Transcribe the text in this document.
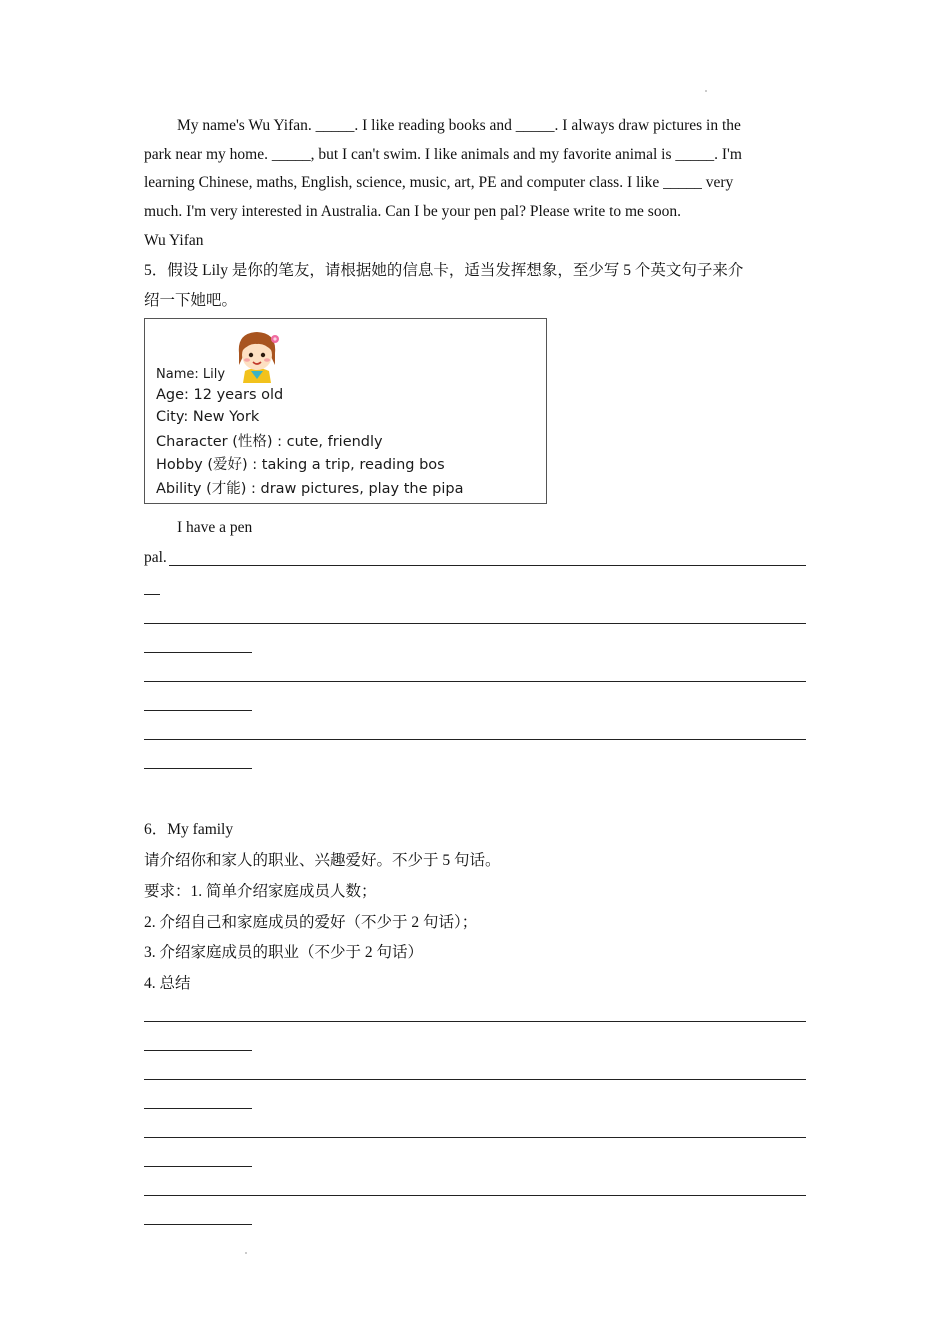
My name's Wu Yifan. _____. I like reading books and _____. I always draw pictures in the
park near my home. _____, but I can't swim. I like animals and my favorite animal is _____. I'm
learning Chinese, maths, English, science, music, art, PE and computer class. I like _____ very
much. I'm very interested in Australia. Can I be your pen pal? Please write to me soon.
Wu Yifan
5．假设 Lily 是你的笔友，请根据她的信息卡，适当发挥想象，至少写 5 个英文句子来介
绍一下她吧。
Name: Lily
Age: 12 years old
City: New York
Character (性格) : cute, friendly
Hobby (爱好) : taking a trip, reading bos
Ability (才能) : draw pictures, play the pipa
I have a pen
pal.
6．My family
请介绍你和家人的职业、兴趣爱好。不少于 5 句话。
要求：1. 简单介绍家庭成员人数；
2. 介绍自己和家庭成员的爱好（不少于 2 句话）；
3. 介绍家庭成员的职业（不少于 2 句话）
4. 总结
